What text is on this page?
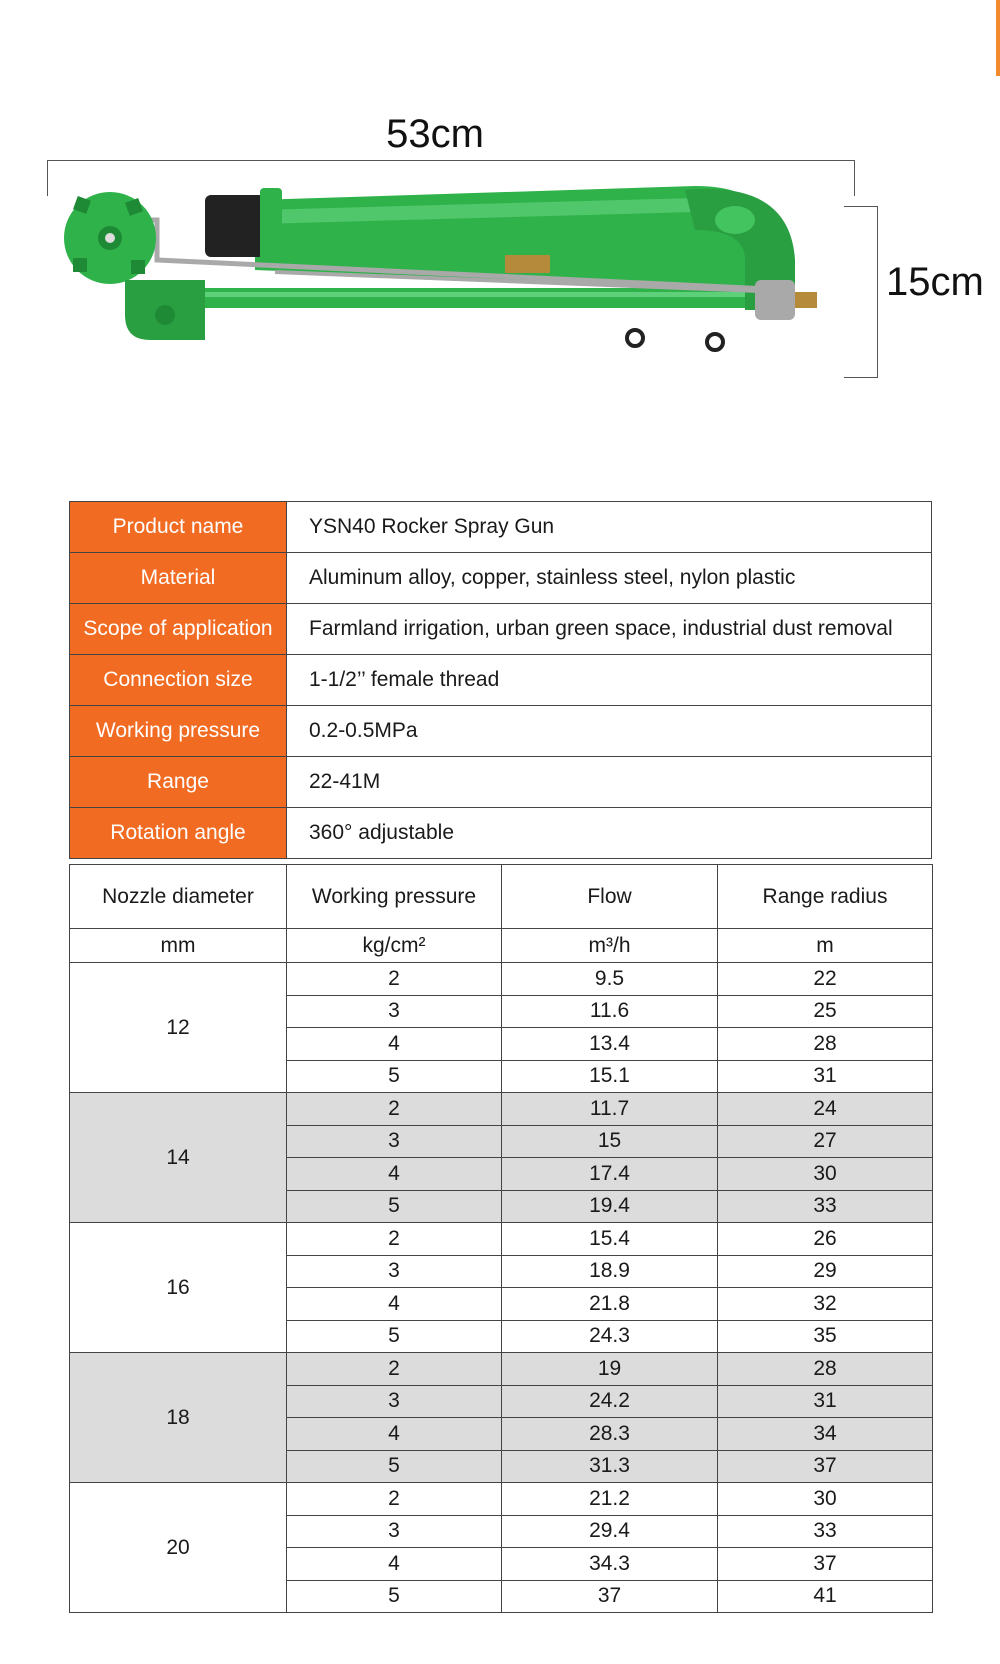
53cm
15cm
Product name	YSN40 Rocker Spray Gun
Material	Aluminum alloy, copper, stainless steel, nylon plastic
Scope of application	Farmland irrigation, urban green space, industrial dust removal
Connection size	1-1/2’’ female thread
Working pressure	0.2-0.5MPa
Range	22-41M
Rotation angle	360° adjustable
Nozzle diameter	Working pressure	Flow	Range radius
mm	kg/cm²	m³/h	m
12	2	9.5	22
	3	11.6	25
	4	13.4	28
	5	15.1	31
14	2	11.7	24
	3	15	27
	4	17.4	30
	5	19.4	33
16	2	15.4	26
	3	18.9	29
	4	21.8	32
	5	24.3	35
18	2	19	28
	3	24.2	31
	4	28.3	34
	5	31.3	37
20	2	21.2	30
	3	29.4	33
	4	34.3	37
	5	37	41
